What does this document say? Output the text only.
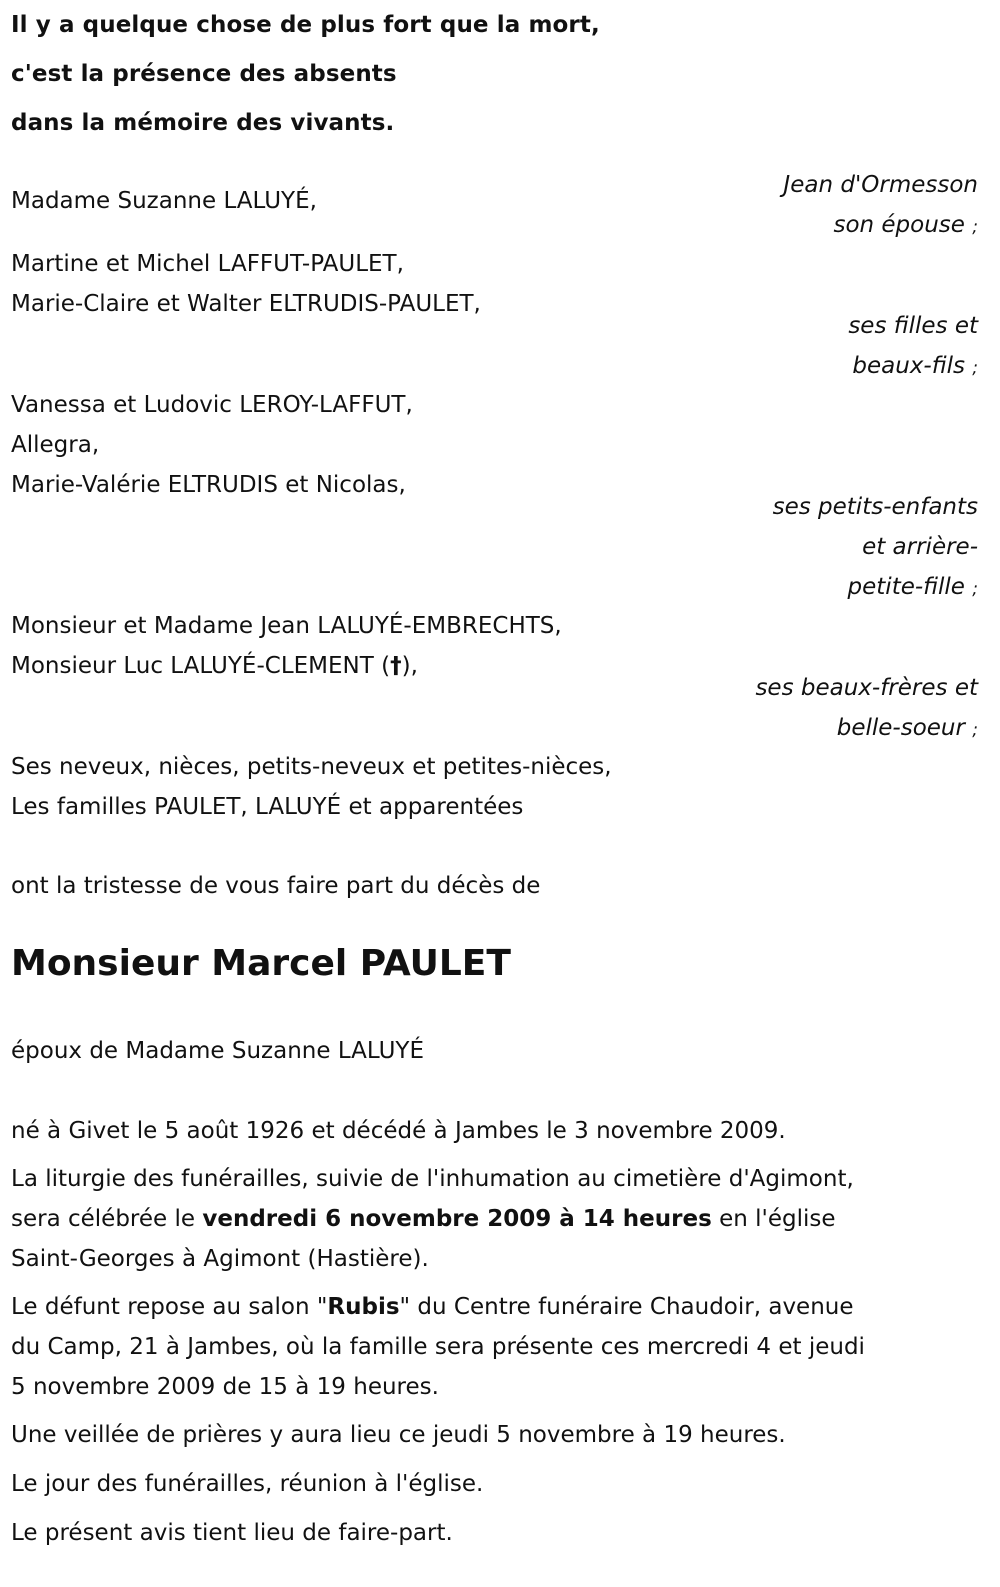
Il y a quelque chose de plus fort que la mort,
c'est la présence des absents
dans la mémoire des vivants.
Jean d'Ormesson
Madame Suzanne LALUYÉ,
son épouse ;
Martine et Michel LAFFUT-PAULET,
Marie-Claire et Walter ELTRUDIS-PAULET,
ses filles et
beaux-fils ;
Vanessa et Ludovic LEROY-LAFFUT,
Allegra,
Marie-Valérie ELTRUDIS et Nicolas,
ses petits-enfants
et arrière-
petite-fille ;
Monsieur et Madame Jean LALUYÉ-EMBRECHTS,
Monsieur Luc LALUYÉ-CLEMENT (†),
ses beaux-frères et
belle-soeur ;
Ses neveux, nièces, petits-neveux et petites-nièces,
Les familles PAULET, LALUYÉ et apparentées
ont la tristesse de vous faire part du décès de
Monsieur Marcel PAULET
époux de Madame Suzanne LALUYÉ
né à Givet le 5 août 1926 et décédé à Jambes le 3 novembre 2009.
La liturgie des funérailles, suivie de l'inhumation au cimetière d'Agimont,
sera célébrée le vendredi 6 novembre 2009 à 14 heures en l'église
Saint-Georges à Agimont (Hastière).
Le défunt repose au salon "Rubis" du Centre funéraire Chaudoir, avenue
du Camp, 21 à Jambes, où la famille sera présente ces mercredi 4 et jeudi
5 novembre 2009 de 15 à 19 heures.
Une veillée de prières y aura lieu ce jeudi 5 novembre à 19 heures.
Le jour des funérailles, réunion à l'église.
Le présent avis tient lieu de faire-part.
